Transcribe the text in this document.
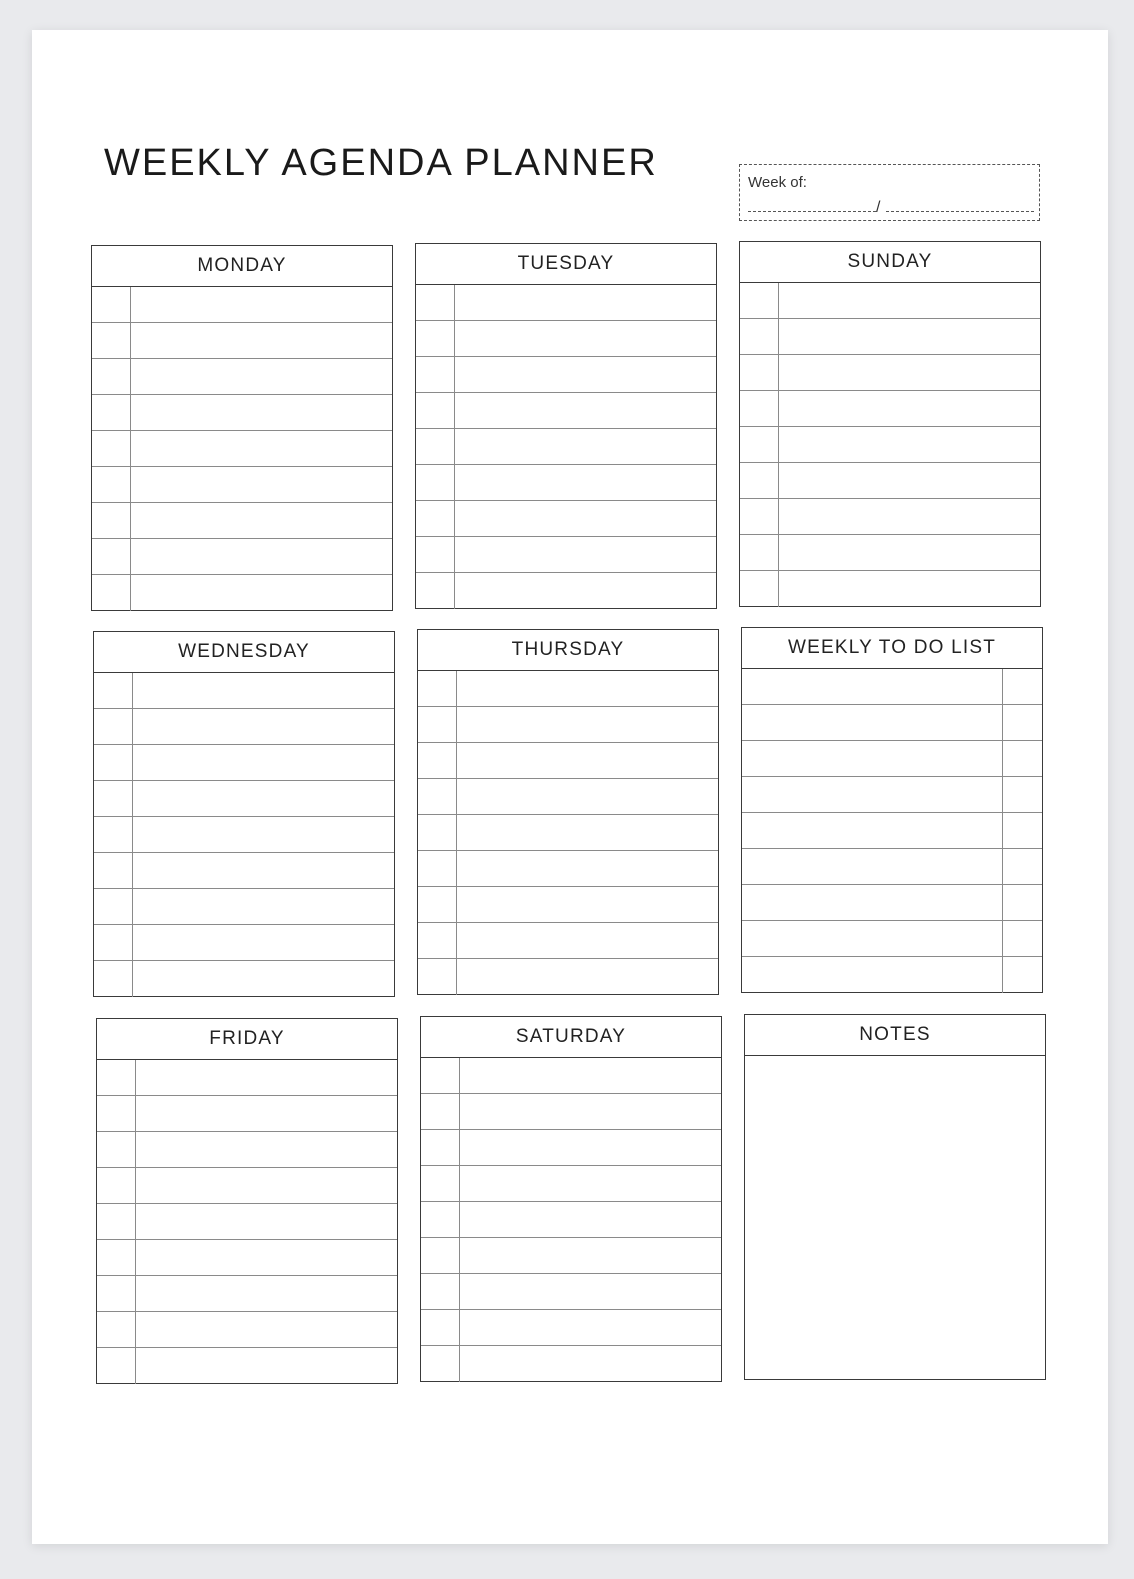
WEEKLY AGENDA PLANNER	Week of:
/
MONDAY	TUESDAY	SUNDAY
WEDNESDAY	THURSDAY	WEEKLY TO DO LIST
FRIDAY	SATURDAY	NOTES
